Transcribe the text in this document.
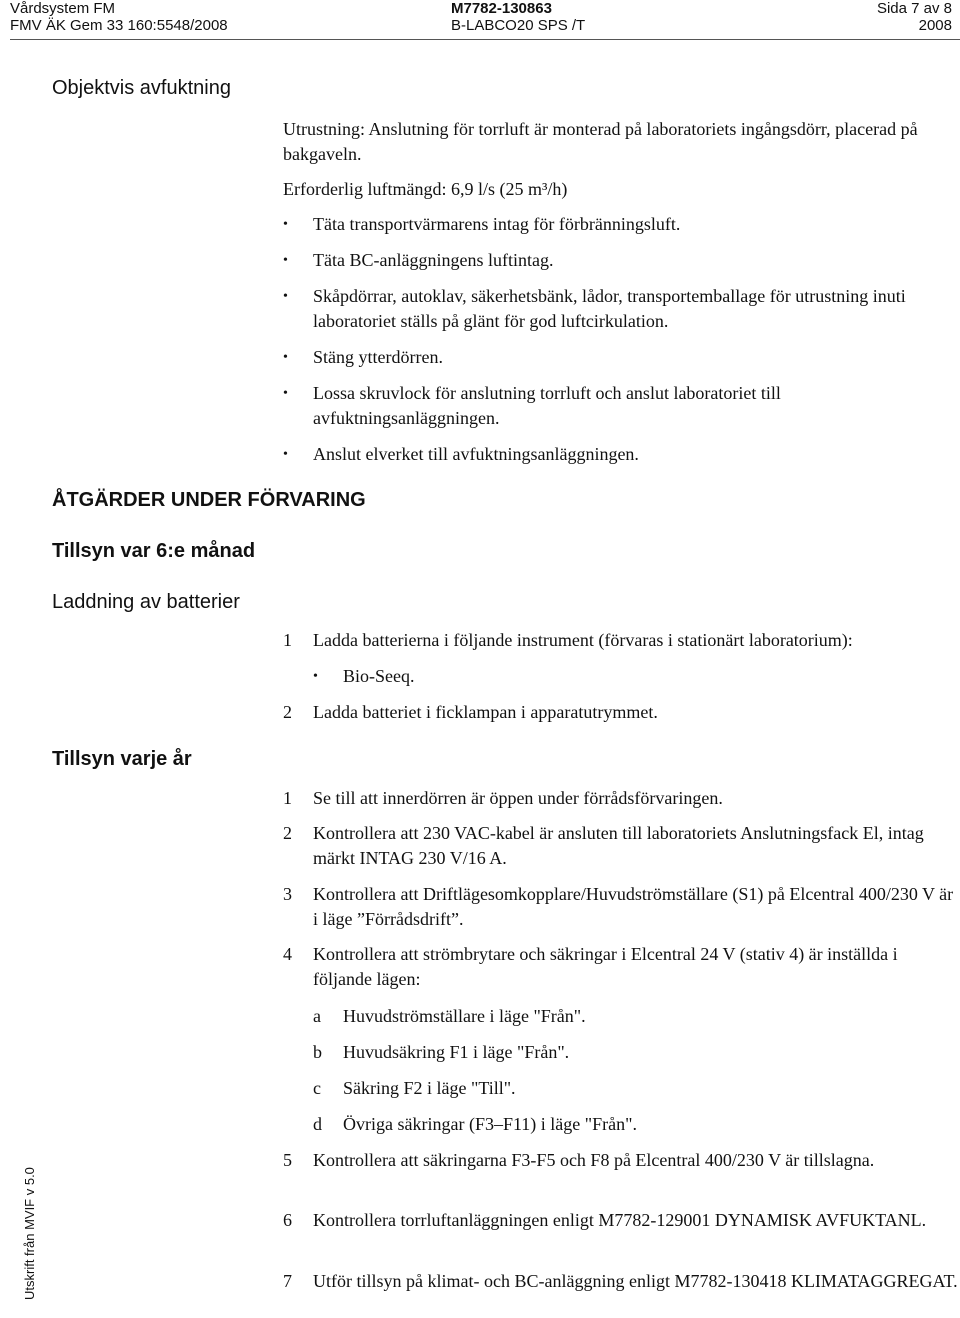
Vårdsystem FM
FMV ÄK Gem 33 160:5548/2008
M7782-130863
B-LABCO20 SPS /T
Sida 7 av 8
2008
Objektvis avfuktning
Utrustning: Anslutning för torrluft är monterad på laboratoriets ingångsdörr, placerad på bakgaveln.
Erforderlig luftmängd: 6,9 l/s (25 m³/h)
• Täta transportvärmarens intag för förbränningsluft.
• Täta BC-anläggningens luftintag.
• Skåpdörrar, autoklav, säkerhetsbänk, lådor, transportemballage för utrustning inuti laboratoriet ställs på glänt för god luftcirkulation.
• Stäng ytterdörren.
• Lossa skruvlock för anslutning torrluft och anslut laboratoriet till avfuktningsanläggningen.
• Anslut elverket till avfuktningsanläggningen.
ÅTGÄRDER UNDER FÖRVARING
Tillsyn var 6:e månad
Laddning av batterier
1 Ladda batterierna i följande instrument (förvaras i stationärt laboratorium):
• Bio-Seeq.
2 Ladda batteriet i ficklampan i apparatutrymmet.
Tillsyn varje år
1 Se till att innerdörren är öppen under förrådsförvaringen.
2 Kontrollera att 230 VAC-kabel är ansluten till laboratoriets Anslutningsfack El, intag märkt INTAG 230 V/16 A.
3 Kontrollera att Driftlägesomkopplare/Huvudströmställare (S1) på Elcentral 400/230 V är i läge ”Förrådsdrift”.
4 Kontrollera att strömbrytare och säkringar i Elcentral 24 V (stativ 4) är inställda i följande lägen:
a Huvudströmställare i läge "Från".
b Huvudsäkring F1 i läge "Från".
c Säkring F2 i läge "Till".
d Övriga säkringar (F3–F11) i läge "Från".
5 Kontrollera att säkringarna F3-F5 och F8 på Elcentral 400/230 V är tillslagna.
6 Kontrollera torrluftanläggningen enligt M7782-129001 DYNAMISK AVFUKTANL.
7 Utför tillsyn på klimat- och BC-anläggning enligt M7782-130418 KLIMATAGGREGAT.
Utskrift från MVIF v 5.0
